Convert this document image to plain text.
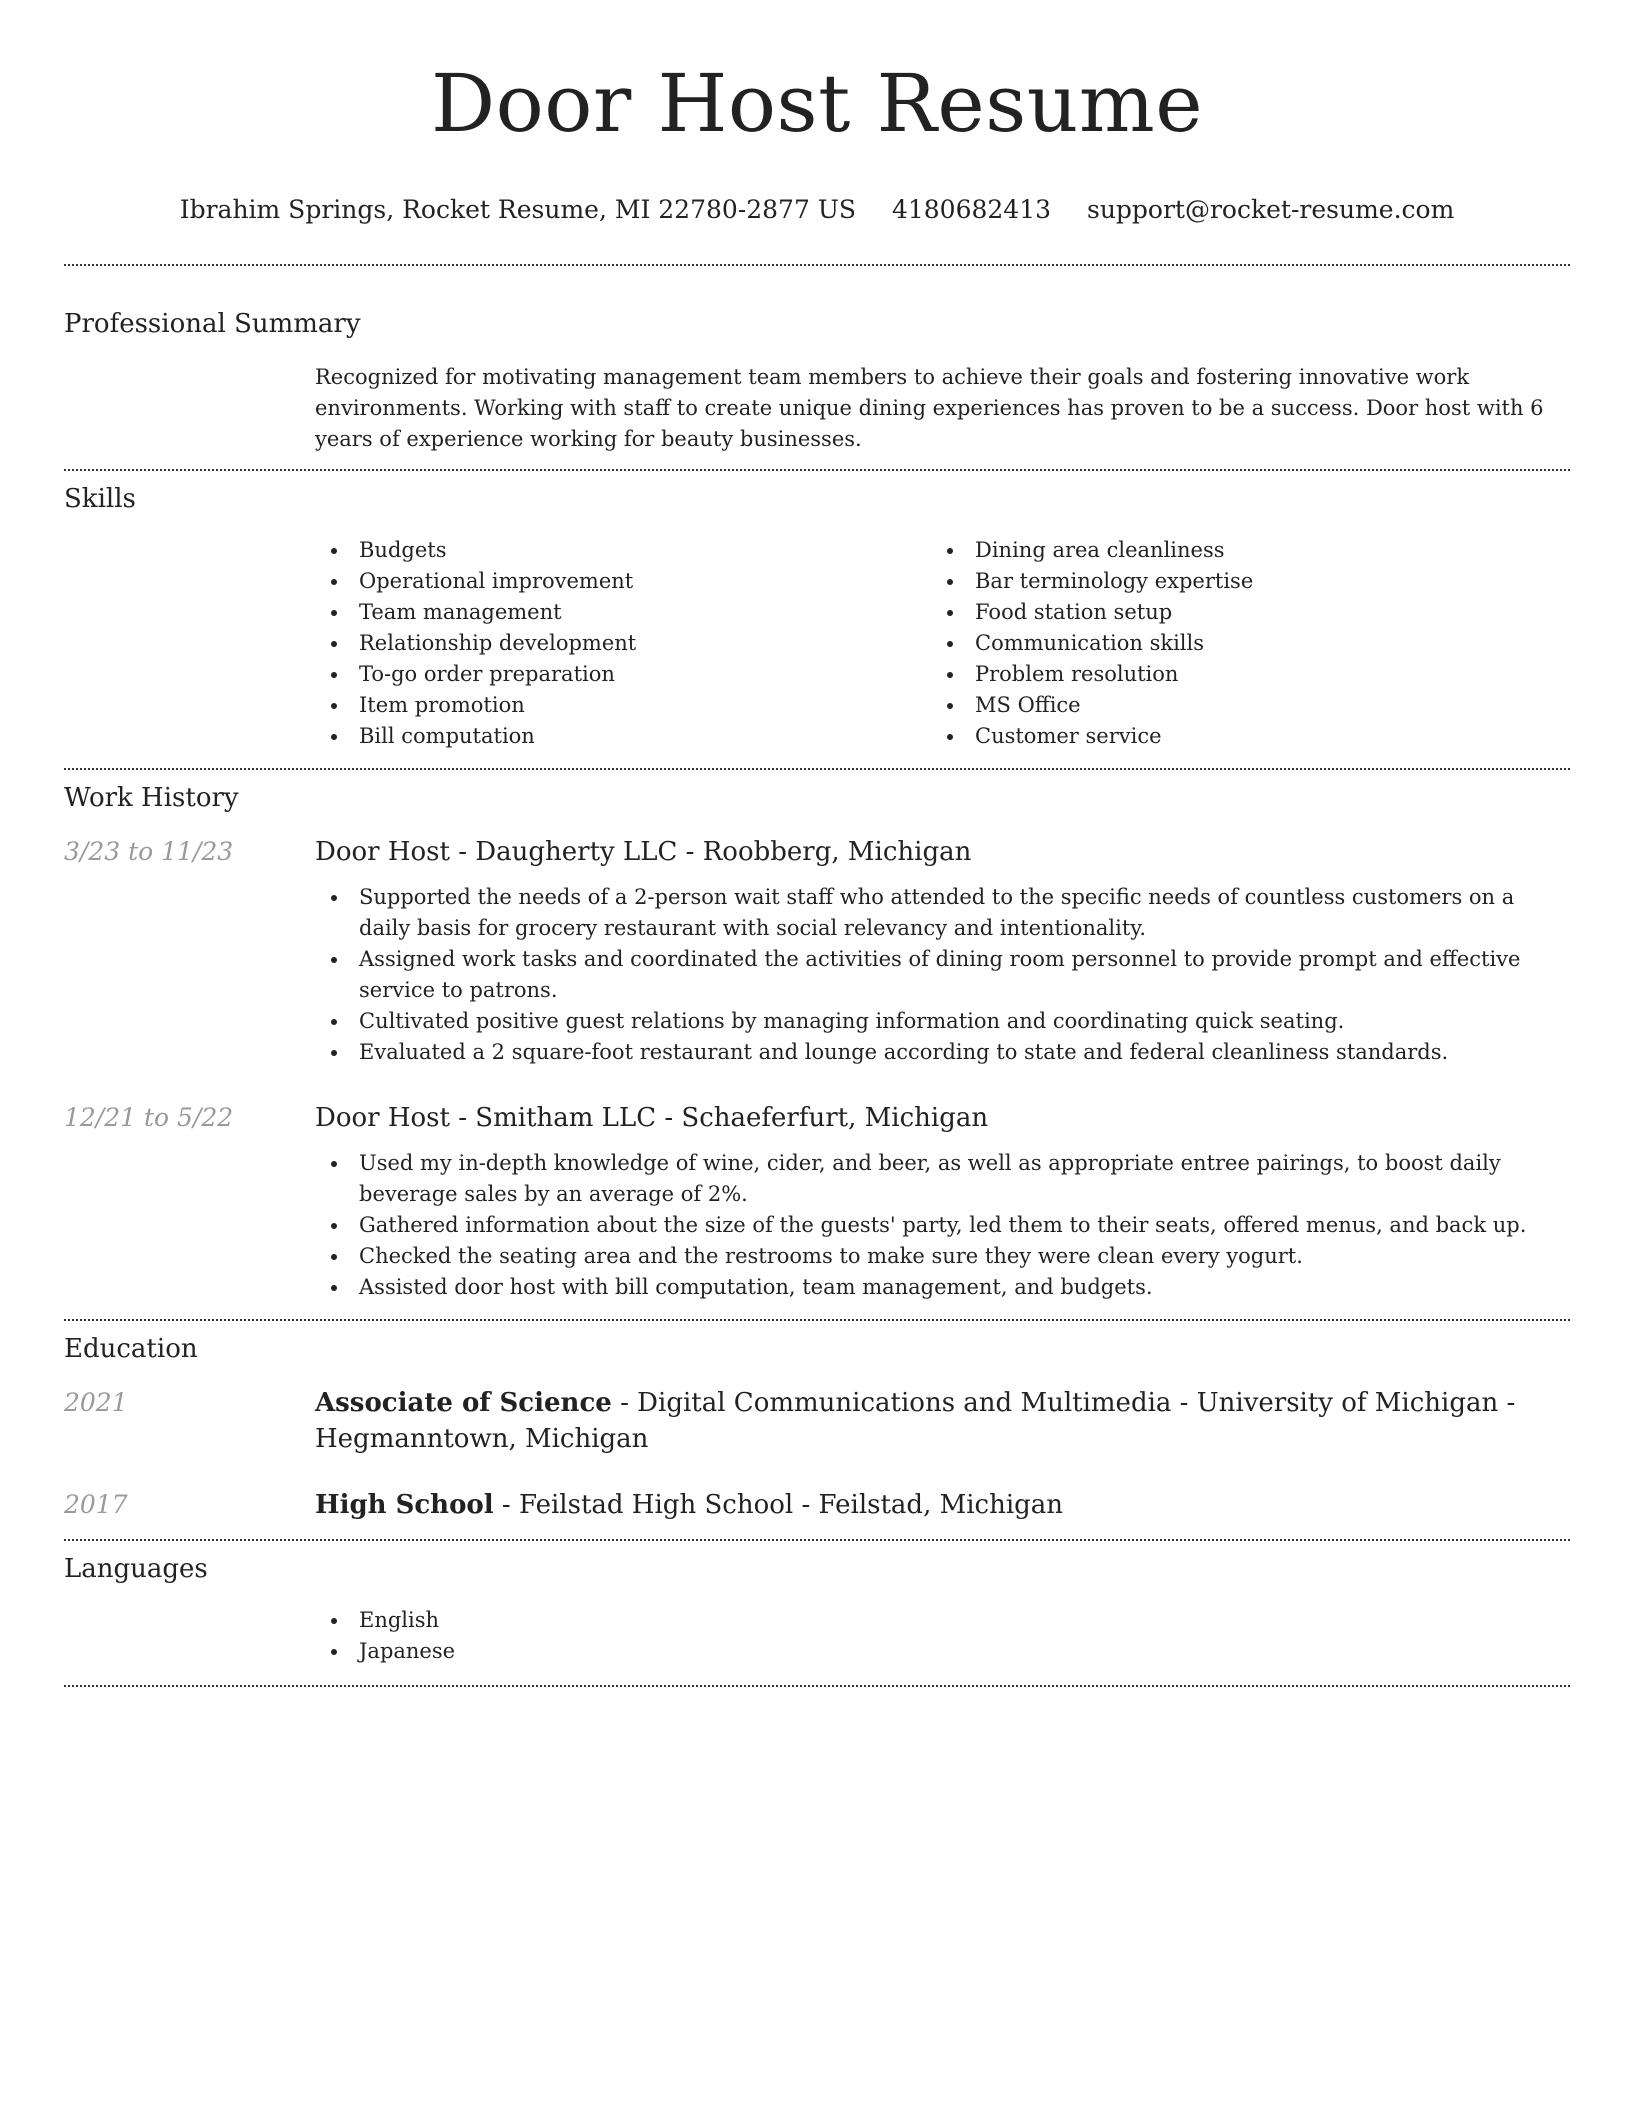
Door Host Resume
Ibrahim Springs, Rocket Resume, MI 22780-2877 US 4180682413 support@rocket-resume.com
Professional Summary

Recognized for motivating management team members to achieve their goals and fostering innovative work environments. Working with staff to create unique dining experiences has proven to be a success. Door host with 6 years of experience working for beauty businesses.

Skills
Budgets
Operational improvement
Team management
Relationship development
To-go order preparation
Item promotion
Bill computation
Dining area cleanliness
Bar terminology expertise
Food station setup
Communication skills
Problem resolution
MS Office
Customer service
Work History
3/23 to 11/23	Door Host - Daugherty LLC - Roobberg, Michigan
Supported the needs of a 2-person wait staff who attended to the specific needs of countless customers on a daily basis for grocery restaurant with social relevancy and intentionality.
Assigned work tasks and coordinated the activities of dining room personnel to provide prompt and effective service to patrons.
Cultivated positive guest relations by managing information and coordinating quick seating.
Evaluated a 2 square-foot restaurant and lounge according to state and federal cleanliness standards.
12/21 to 5/22	Door Host - Smitham LLC - Schaeferfurt, Michigan
Used my in-depth knowledge of wine, cider, and beer, as well as appropriate entree pairings, to boost daily beverage sales by an average of 2%.
Gathered information about the size of the guests' party, led them to their seats, offered menus, and back up.
Checked the seating area and the restrooms to make sure they were clean every yogurt.
Assisted door host with bill computation, team management, and budgets.
Education
2021	Associate of Science - Digital Communications and Multimedia - University of Michigan - Hegmanntown, Michigan
2017	High School - Feilstad High School - Feilstad, Michigan
Languages
English
Japanese
